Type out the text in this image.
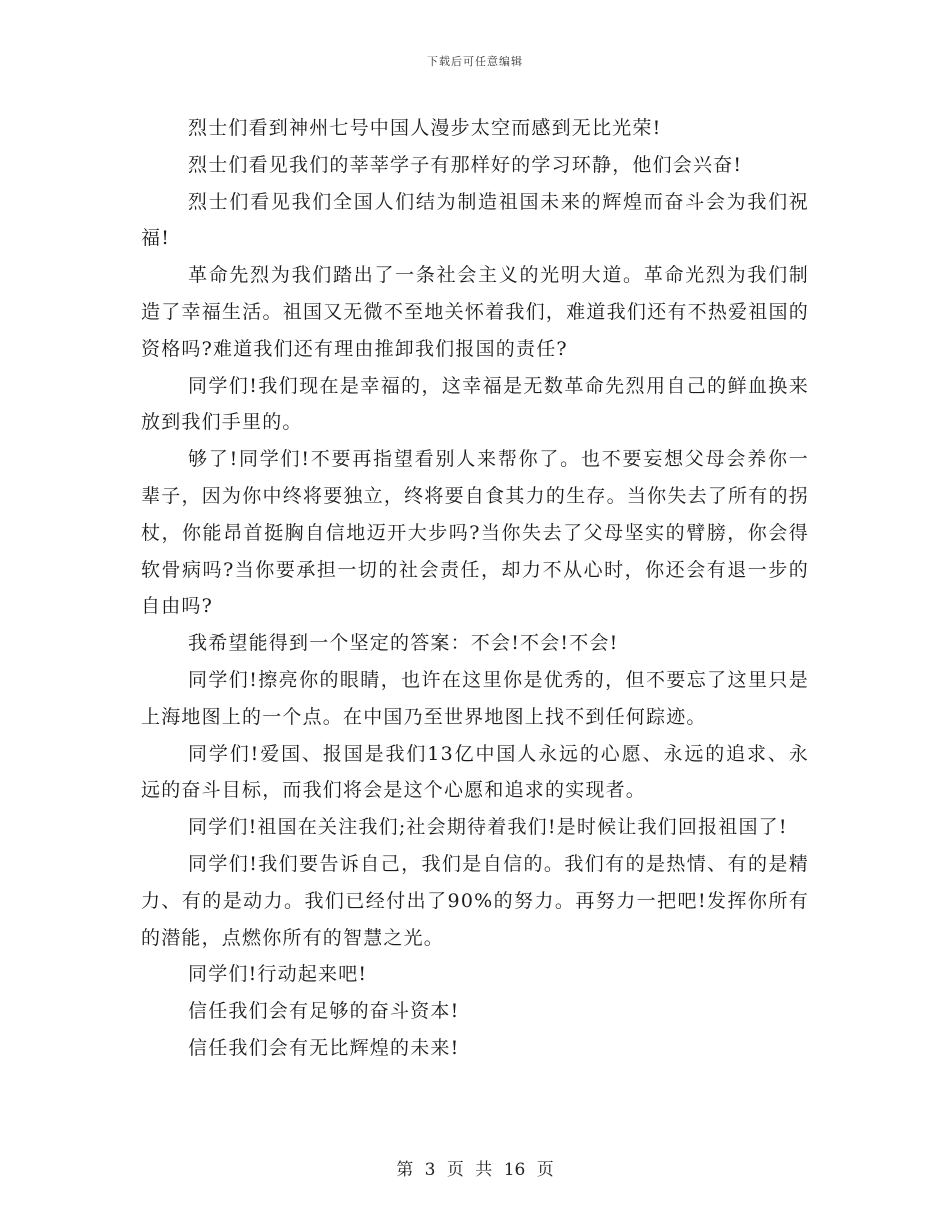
下载后可任意编辑

烈士们看到神州七号中国人漫步太空而感到无比光荣!

烈士们看见我们的莘莘学子有那样好的学习环静，他们会兴奋!

烈士们看见我们全国人们结为制造祖国未来的辉煌而奋斗会为我们祝福!

革命先烈为我们踏出了一条社会主义的光明大道。革命光烈为我们制造了幸福生活。祖国又无微不至地关怀着我们，难道我们还有不热爱祖国的资格吗?难道我们还有理由推卸我们报国的责任?

同学们!我们现在是幸福的，这幸福是无数革命先烈用自己的鲜血换来放到我们手里的。

够了!同学们!不要再指望看别人来帮你了。也不要妄想父母会养你一辈子，因为你中终将要独立，终将要自食其力的生存。当你失去了所有的拐杖，你能昂首挺胸自信地迈开大步吗?当你失去了父母坚实的臂膀，你会得软骨病吗?当你要承担一切的社会责任，却力不从心时，你还会有退一步的自由吗?

我希望能得到一个坚定的答案：不会!不会!不会!

同学们!擦亮你的眼睛，也许在这里你是优秀的，但不要忘了这里只是上海地图上的一个点。在中国乃至世界地图上找不到任何踪迹。

同学们!爱国、报国是我们13亿中国人永远的心愿、永远的追求、永远的奋斗目标，而我们将会是这个心愿和追求的实现者。

同学们!祖国在关注我们;社会期待着我们!是时候让我们回报祖国了!

同学们!我们要告诉自己，我们是自信的。我们有的是热情、有的是精力、有的是动力。我们已经付出了90%的努力。再努力一把吧!发挥你所有的潜能，点燃你所有的智慧之光。

同学们!行动起来吧!

信任我们会有足够的奋斗资本!

信任我们会有无比辉煌的未来!

第 3 页 共 16 页
